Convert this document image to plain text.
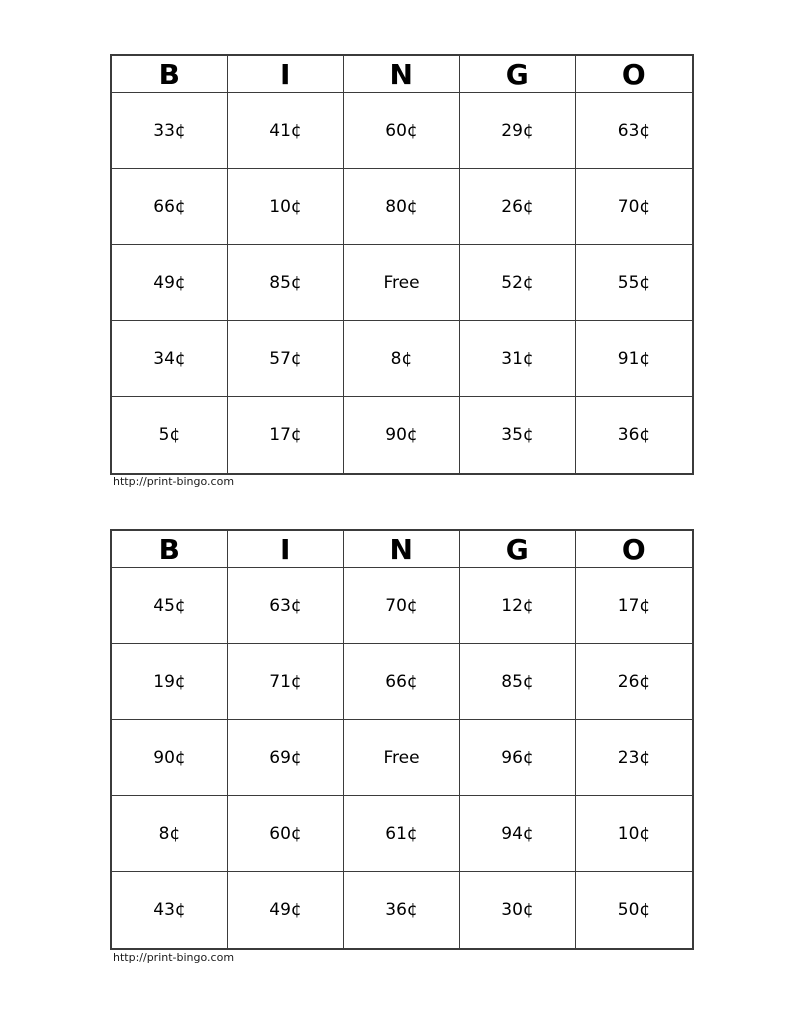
B	I	N	G	O
33¢	41¢	60¢	29¢	63¢
66¢	10¢	80¢	26¢	70¢
49¢	85¢	Free	52¢	55¢
34¢	57¢	8¢	31¢	91¢
5¢	17¢	90¢	35¢	36¢
http://print-bingo.com
B	I	N	G	O
45¢	63¢	70¢	12¢	17¢
19¢	71¢	66¢	85¢	26¢
90¢	69¢	Free	96¢	23¢
8¢	60¢	61¢	94¢	10¢
43¢	49¢	36¢	30¢	50¢
http://print-bingo.com
